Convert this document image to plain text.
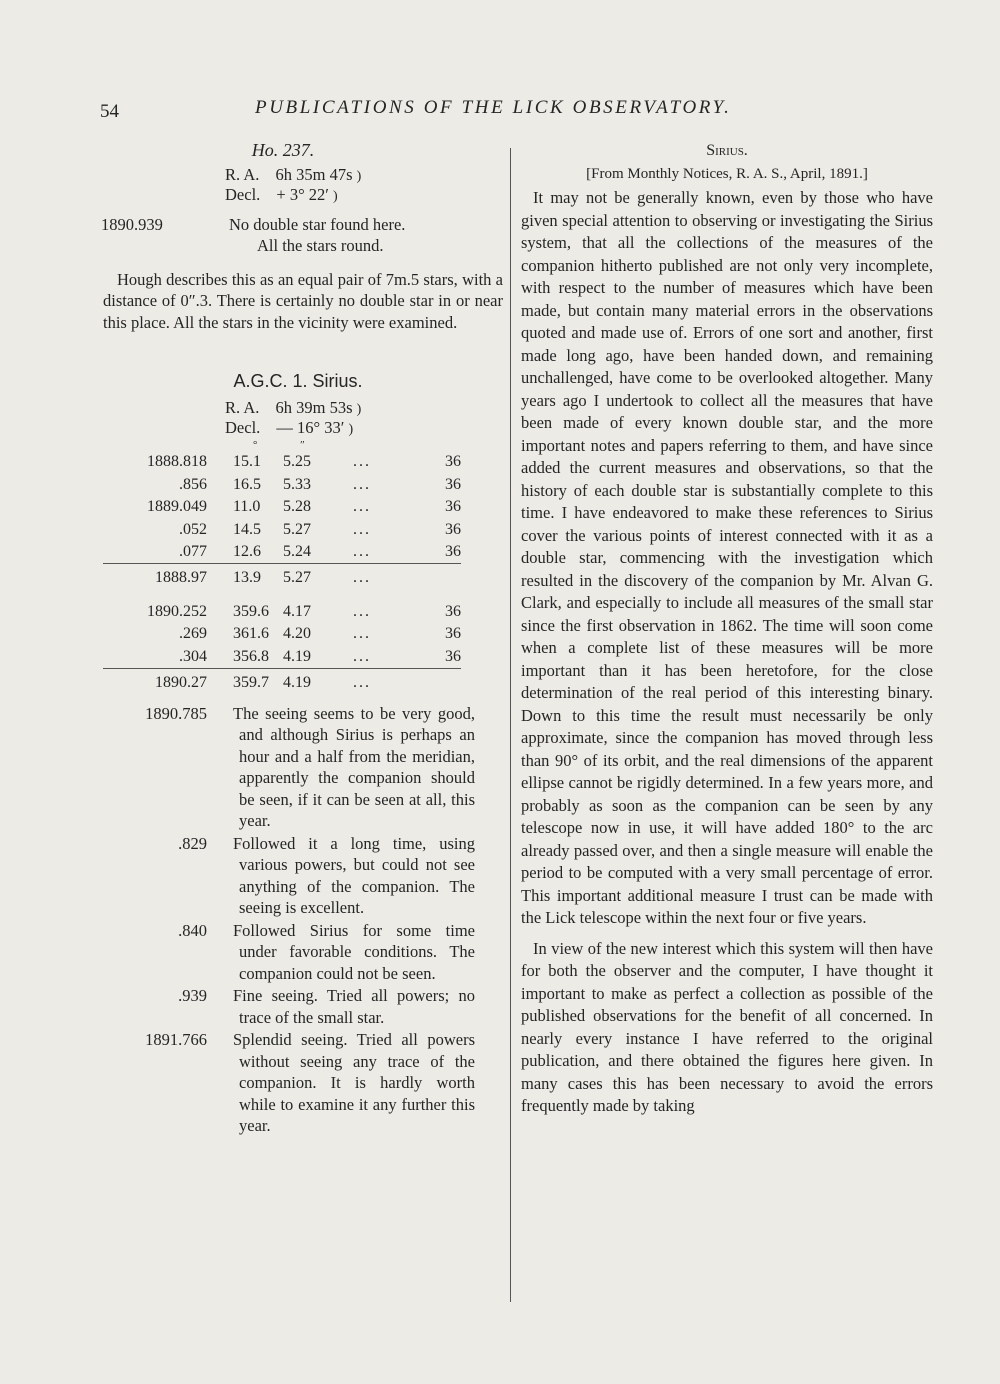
54	PUBLICATIONS OF THE LICK OBSERVATORY.
Ho. 237.
R. A. 6h 35m 47s )
Decl. + 3° 22′ )
1890.939	No double star found here.
All the stars round.
Hough describes this as an equal pair of 7m.5 stars, with a distance of 0″.3. There is certainly no double star in or near this place. All the stars in the vicinity were examined.
A.G.C. 1. Sirius.
R. A. 6h 39m 53s )
Decl. — 16° 33′ )
°	″
1888.818	15.1	5.25	...	36
.856	16.5	5.33	...	36
1889.049	11.0	5.28	...	36
.052	14.5	5.27	...	36
.077	12.6	5.24	...	36
1888.97	13.9	5.27	...	

1890.252	359.6	4.17	...	36
.269	361.6	4.20	...	36
.304	356.8	4.19	...	36
1890.27	359.7	4.19	...	
1890.785 The seeing seems to be very good, and although Sirius is perhaps an hour and a half from the meridian, apparently the companion should be seen, if it can be seen at all, this year.
.829 Followed it a long time, using various powers, but could not see anything of the companion. The seeing is excellent.
.840 Followed Sirius for some time under favorable conditions. The companion could not be seen.
.939 Fine seeing. Tried all powers; no trace of the small star.
1891.766 Splendid seeing. Tried all powers without seeing any trace of the companion. It is hardly worth while to examine it any further this year.
Sirius.
[From Monthly Notices, R. A. S., April, 1891.]

It may not be generally known, even by those who have given special attention to observing or investigating the Sirius system, that all the collections of the measures of the companion hitherto published are not only very incomplete, with respect to the number of measures which have been made, but contain many material errors in the observations quoted and made use of. Errors of one sort and another, first made long ago, have been handed down, and remaining unchallenged, have come to be overlooked altogether. Many years ago I undertook to collect all the measures that have been made of every known double star, and the more important notes and papers referring to them, and have since added the current measures and observations, so that the history of each double star is substantially complete to this time. I have endeavored to make these references to Sirius cover the various points of interest connected with it as a double star, commencing with the investigation which resulted in the discovery of the companion by Mr. Alvan G. Clark, and especially to include all measures of the small star since the first observation in 1862. The time will soon come when a complete list of these measures will be more important than it has been heretofore, for the close determination of the real period of this interesting binary. Down to this time the result must necessarily be only approximate, since the companion has moved through less than 90° of its orbit, and the real dimensions of the apparent ellipse cannot be rigidly determined. In a few years more, and probably as soon as the companion can be seen by any telescope now in use, it will have added 180° to the arc already passed over, and then a single measure will enable the period to be computed with a very small percentage of error. This important additional measure I trust can be made with the Lick telescope within the next four or five years.

In view of the new interest which this system will then have for both the observer and the computer, I have thought it important to make as perfect a collection as possible of the published observations for the benefit of all concerned. In nearly every instance I have referred to the original publication, and there obtained the figures here given. In many cases this has been necessary to avoid the errors frequently made by taking
